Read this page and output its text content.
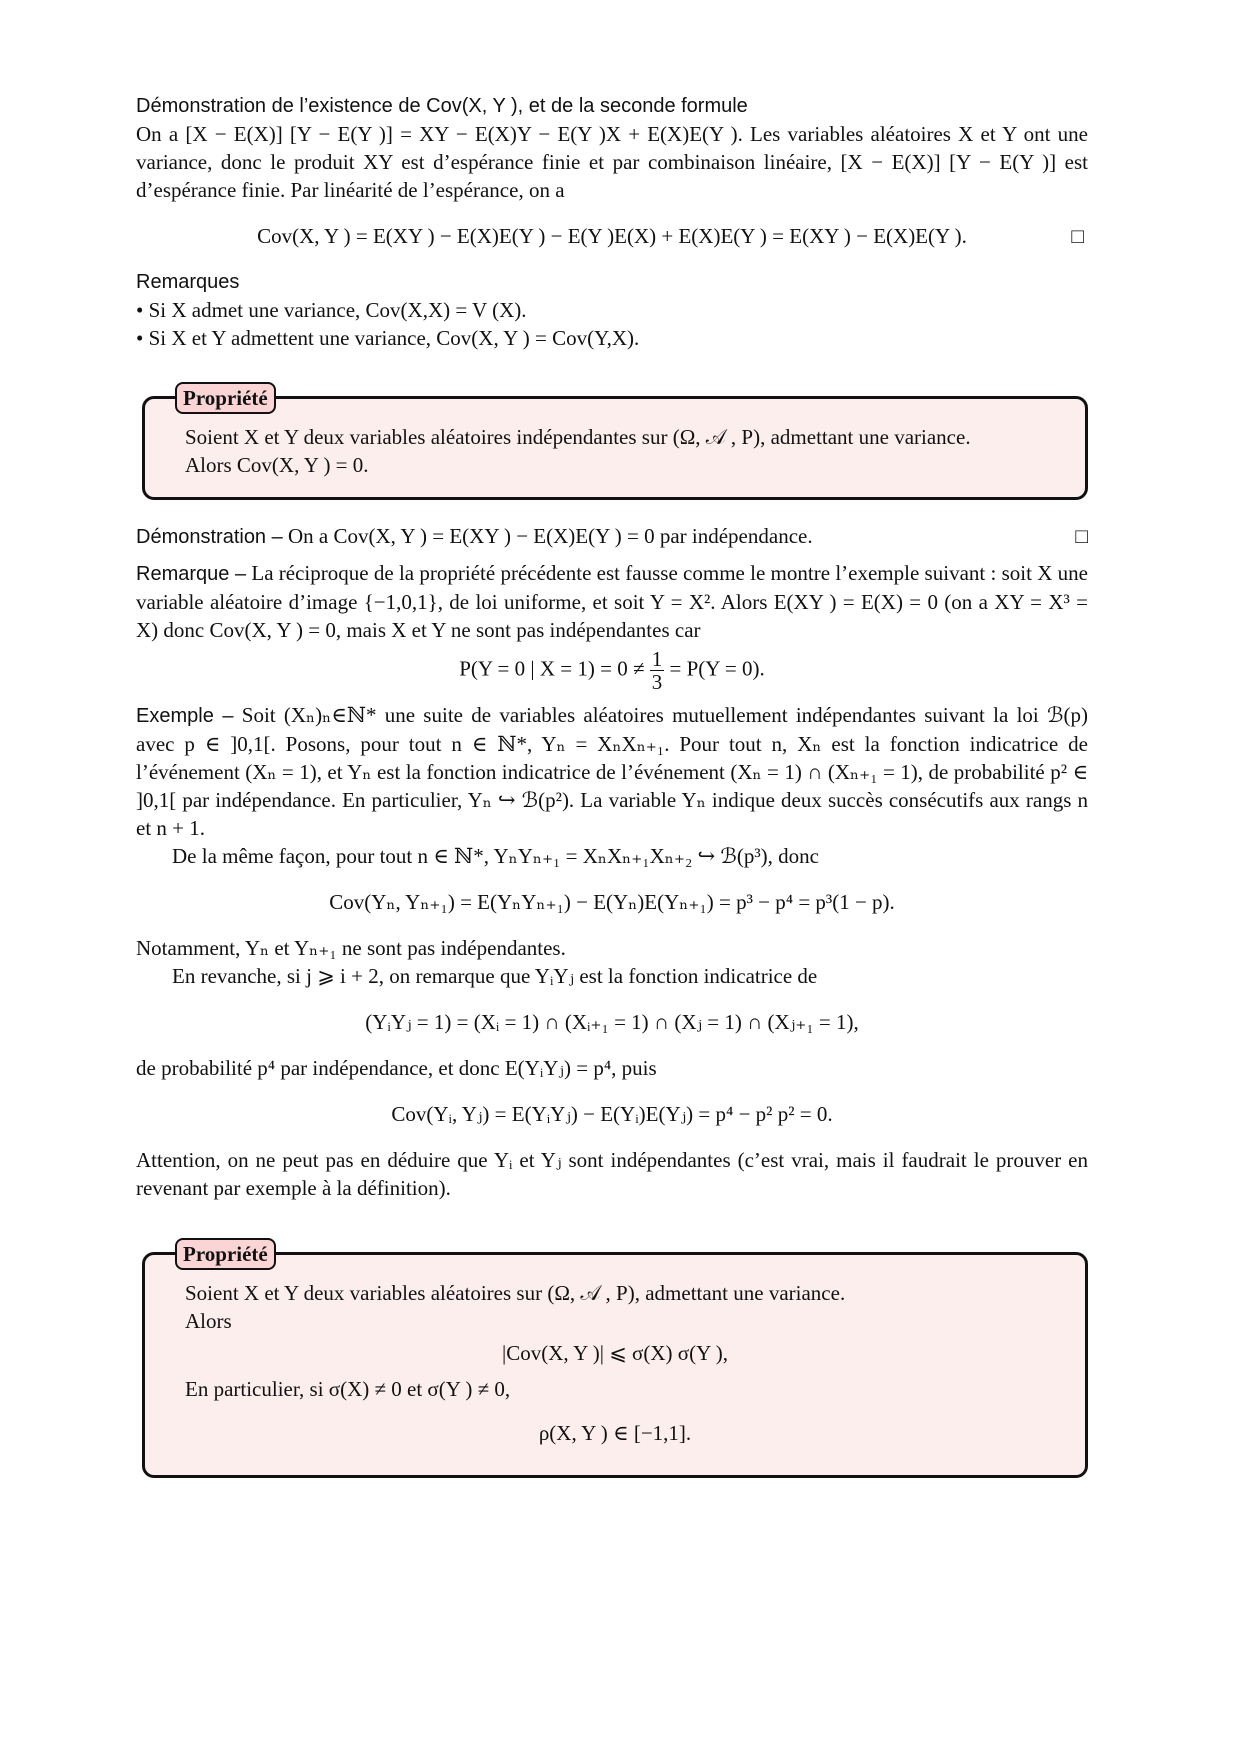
Démonstration de l’existence de Cov(X, Y ), et de la seconde formule

On a [X − E(X)] [Y − E(Y )] = XY − E(X)Y − E(Y )X + E(X)E(Y ). Les variables aléatoires X et Y ont une variance, donc le produit XY est d’espérance finie et par combinaison linéaire, [X − E(X)] [Y − E(Y )] est d’espérance finie. Par linéarité de l’espérance, on a

Cov(X, Y ) = E(XY ) − E(X)E(Y ) − E(Y )E(X) + E(X)E(Y ) = E(XY ) − E(X)E(Y ).	□
Remarques

• Si X admet une variance, Cov(X,X) = V (X).

• Si X et Y admettent une variance, Cov(X, Y ) = Cov(Y,X).

Propriété

Soient X et Y deux variables aléatoires indépendantes sur (Ω, 𝒜 , P), admettant une variance.

Alors Cov(X, Y ) = 0.

Démonstration – On a Cov(X, Y ) = E(XY ) − E(X)E(Y ) = 0 par indépendance.	□

Remarque – La réciproque de la propriété précédente est fausse comme le montre l’exemple suivant : soit X une variable aléatoire d’image {−1,0,1}, de loi uniforme, et soit Y = X². Alors E(XY ) = E(X) = 0 (on a XY = X³ = X) donc Cov(X, Y ) = 0, mais X et Y ne sont pas indépendantes car

P(Y = 0 | $X = 1) = 0 \ne \frac{1}{3} = P(Y = 0)$.

Exemple – Soit (Xₙ)ₙ∈ℕ* une suite de variables aléatoires mutuellement indépendantes suivant la loi ℬ(p) avec p ∈ ]0,1[. Posons, pour tout n ∈ ℕ*, Yₙ = XₙXₙ₊₁. Pour tout n, Xₙ est la fonction indicatrice de l’événement (Xₙ = 1), et Yₙ est la fonction indicatrice de l’événement (Xₙ = 1) ∩ (Xₙ₊₁ = 1), de probabilité p² ∈ ]0,1[ par indépendance. En particulier, Yₙ ↪ ℬ(p²). La variable Yₙ indique deux succès consécutifs aux rangs n et n + 1.

De la même façon, pour tout n ∈ ℕ*, YₙYₙ₊₁ = XₙXₙ₊₁Xₙ₊₂ ↪ ℬ(p³), donc

Cov(Yₙ, Yₙ₊₁) = E(YₙYₙ₊₁) − E(Yₙ)E(Yₙ₊₁) = p³ − p⁴ = p³(1 − p).

Notamment, Yₙ et Yₙ₊₁ ne sont pas indépendantes.

En revanche, si j ⩾ i + 2, on remarque que YᵢYⱼ est la fonction indicatrice de

(YᵢYⱼ = 1) = (Xᵢ = 1) ∩ (Xᵢ₊₁ = 1) ∩ (Xⱼ = 1) ∩ (Xⱼ₊₁ = 1),

de probabilité p⁴ par indépendance, et donc E(YᵢYⱼ) = p⁴, puis

Cov(Yᵢ, Yⱼ) = E(YᵢYⱼ) − E(Yᵢ)E(Yⱼ) = p⁴ − p² p² = 0.

Attention, on ne peut pas en déduire que Yᵢ et Yⱼ sont indépendantes (c’est vrai, mais il faudrait le prouver en revenant par exemple à la définition).

Propriété

Soient X et Y deux variables aléatoires sur (Ω, 𝒜 , P), admettant une variance.

Alors

|Cov(X, Y )| ⩽ σ(X) σ(Y ),

En particulier, si σ(X) ≠ 0 et σ(Y ) ≠ 0,

ρ(X, Y ) ∈ [−1,1].
